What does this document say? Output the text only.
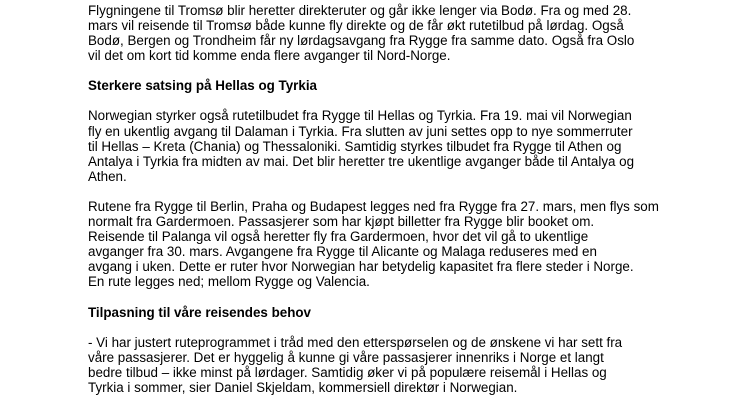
Flygningene til Tromsø blir heretter direkteruter og går ikke lenger via Bodø. Fra og med 28.
mars vil reisende til Tromsø både kunne fly direkte og de får økt rutetilbud på lørdag. Også
Bodø, Bergen og Trondheim får ny lørdagsavgang fra Rygge fra samme dato. Også fra Oslo
vil det om kort tid komme enda flere avganger til Nord-Norge.

Sterkere satsing på Hellas og Tyrkia

Norwegian styrker også rutetilbudet fra Rygge til Hellas og Tyrkia. Fra 19. mai vil Norwegian
fly en ukentlig avgang til Dalaman i Tyrkia. Fra slutten av juni settes opp to nye sommerruter
til Hellas – Kreta (Chania) og Thessaloniki. Samtidig styrkes tilbudet fra Rygge til Athen og
Antalya i Tyrkia fra midten av mai. Det blir heretter tre ukentlige avganger både til Antalya og
Athen.

Rutene fra Rygge til Berlin, Praha og Budapest legges ned fra Rygge fra 27. mars, men flys som
normalt fra Gardermoen. Passasjerer som har kjøpt billetter fra Rygge blir booket om.
Reisende til Palanga vil også heretter fly fra Gardermoen, hvor det vil gå to ukentlige
avganger fra 30. mars. Avgangene fra Rygge til Alicante og Malaga reduseres med en
avgang i uken. Dette er ruter hvor Norwegian har betydelig kapasitet fra flere steder i Norge.
En rute legges ned; mellom Rygge og Valencia.

Tilpasning til våre reisendes behov

- Vi har justert ruteprogrammet i tråd med den etterspørselen og de ønskene vi har sett fra
våre passasjerer. Det er hyggelig å kunne gi våre passasjerer innenriks i Norge et langt
bedre tilbud – ikke minst på lørdager. Samtidig øker vi på populære reisemål i Hellas og
Tyrkia i sommer, sier Daniel Skjeldam, kommersiell direktør i Norwegian.
